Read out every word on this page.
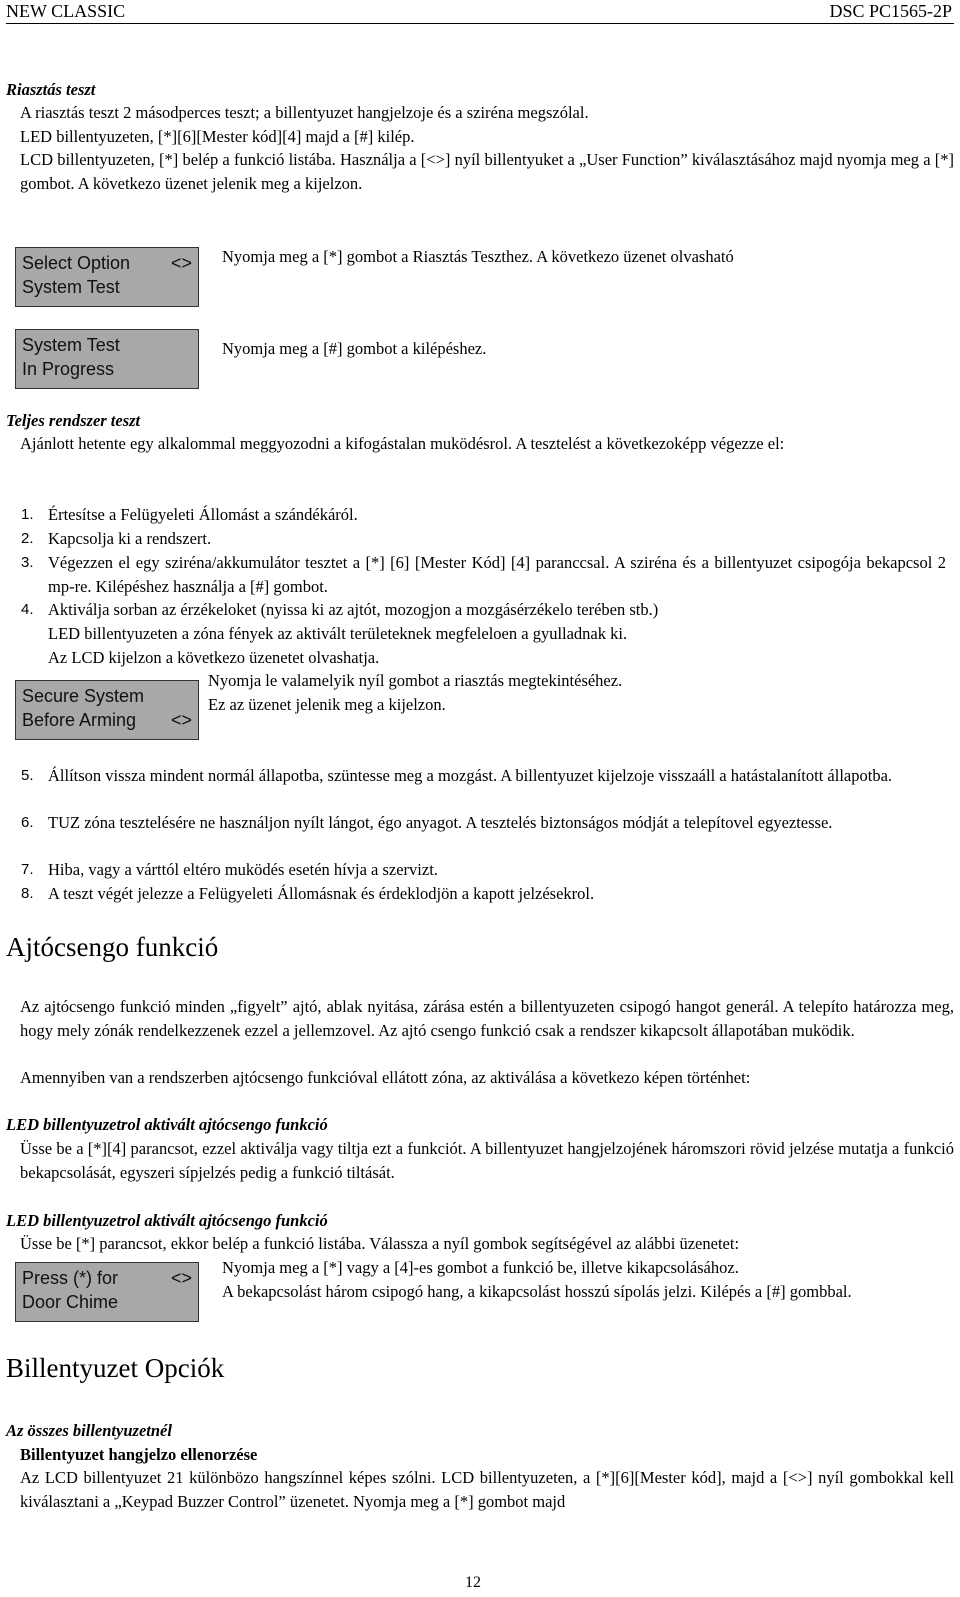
NEW CLASSIC	DSC PC1565-2P
Riasztás teszt
A riasztás teszt 2 másodperces teszt; a billentyuzet hangjelzoje és a sziréna megszólal.
LED billentyuzeten, [*][6][Mester kód][4] majd a [#] kilép.
LCD billentyuzeten, [*] belép a funkció listába. Használja a [<>] nyíl billentyuket a „User Function” kiválasztásához majd nyomja meg a [*] gombot. A következo üzenet jelenik meg a kijelzon.
Select Option <>
System Test
Nyomja meg a [*] gombot a Riasztás Teszthez. A következo üzenet olvasható
System Test
In Progress
Nyomja meg a [#] gombot a kilépéshez.
Teljes rendszer teszt
Ajánlott hetente egy alkalommal meggyozodni a kifogástalan muködésrol. A tesztelést a következoképp végezze el:
1. Értesítse a Felügyeleti Állomást a szándékáról.
2. Kapcsolja ki a rendszert.
3. Végezzen el egy sziréna/akkumulátor tesztet a [*] [6] [Mester Kód] [4] paranccsal. A sziréna és a billentyuzet csipogója bekapcsol 2 mp-re. Kilépéshez használja a [#] gombot.
4. Aktiválja sorban az érzékeloket (nyissa ki az ajtót, mozogjon a mozgásérzékelo terében stb.)
LED billentyuzeten a zóna fények az aktivált területeknek megfeleloen a gyulladnak ki.
Az LCD kijelzon a következo üzenetet olvashatja.
Secure System
Before Arming <>
Nyomja le valamelyik nyíl gombot a riasztás megtekintéséhez.
Ez az üzenet jelenik meg a kijelzon.
5. Állítson vissza mindent normál állapotba, szüntesse meg a mozgást. A billentyuzet kijelzoje visszaáll a hatástalanított állapotba.
6. TUZ zóna tesztelésére ne használjon nyílt lángot, égo anyagot. A tesztelés biztonságos módját a telepítovel egyeztesse.
7. Hiba, vagy a várttól eltéro muködés esetén hívja a szervizt.
8. A teszt végét jelezze a Felügyeleti Állomásnak és érdeklodjön a kapott jelzésekrol.
Ajtócsengo funkció
Az ajtócsengo funkció minden „figyelt” ajtó, ablak nyitása, zárása estén a billentyuzeten csipogó hangot generál. A telepíto határozza meg, hogy mely zónák rendelkezzenek ezzel a jellemzovel. Az ajtó csengo funkció csak a rendszer kikapcsolt állapotában muködik.
Amennyiben van a rendszerben ajtócsengo funkcióval ellátott zóna, az aktiválása a következo képen történhet:
LED billentyuzetrol aktivált ajtócsengo funkció
Üsse be a [*][4] parancsot, ezzel aktiválja vagy tiltja ezt a funkciót. A billentyuzet hangjelzojének háromszori rövid jelzése mutatja a funkció bekapcsolását, egyszeri sípjelzés pedig a funkció tiltását.
LED billentyuzetrol aktivált ajtócsengo funkció
Üsse be [*] parancsot, ekkor belép a funkció listába. Válassza a nyíl gombok segítségével az alábbi üzenetet:
Press (*) for	<>
Door Chime
Nyomja meg a [*] vagy a [4]-es gombot a funkció be, illetve kikapcsolásához.
A bekapcsolást három csipogó hang, a kikapcsolást hosszú sípolás jelzi. Kilépés a [#] gombbal.
Billentyuzet Opciók
Az összes billentyuzetnél
Billentyuzet hangjelzo ellenorzése
Az LCD billentyuzet 21 különbözo hangszínnel képes szólni. LCD billentyuzeten, a [*][6][Mester kód], majd a [<>] nyíl gombokkal kell kiválasztani a „Keypad Buzzer Control” üzenetet. Nyomja meg a [*] gombot majd
12
